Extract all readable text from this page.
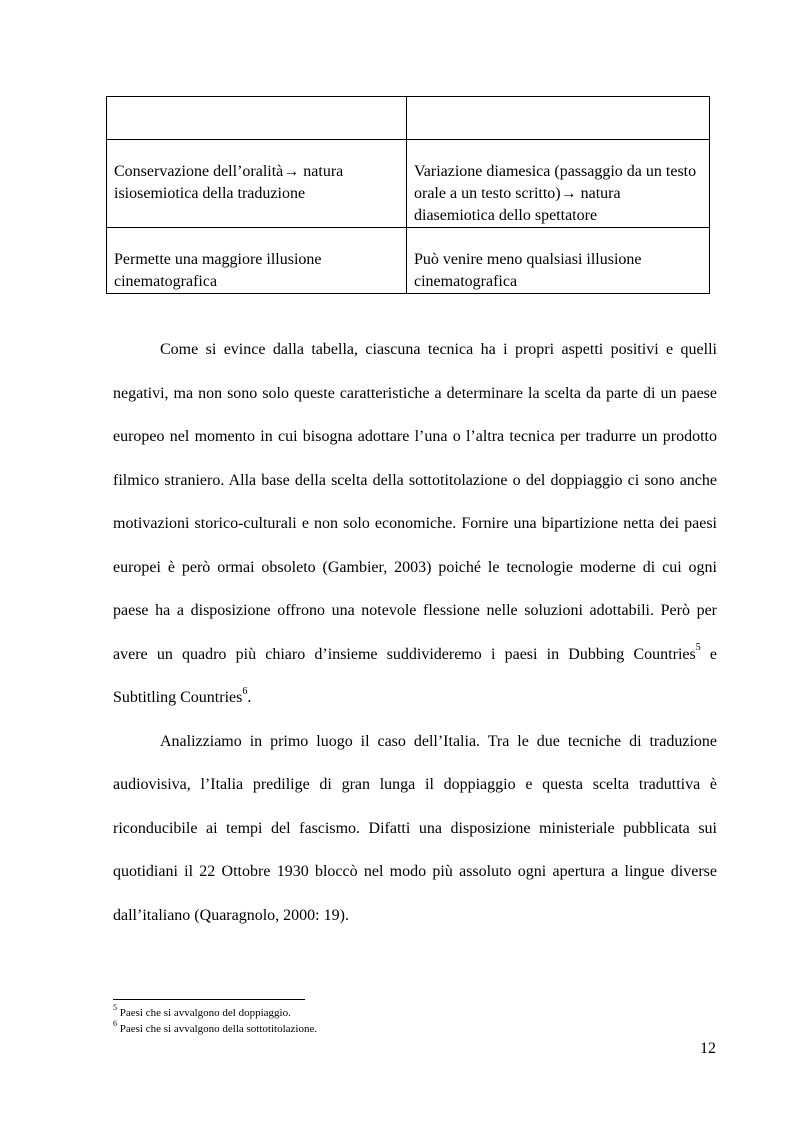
Conservazione dell’oralità→ natura isiosemiotica della traduzione	Variazione diamesica (passaggio da un testo orale a un testo scritto)→ natura diasemiotica dello spettatore
Permette una maggiore illusione cinematografica	Può venire meno qualsiasi illusione cinematografica

Come si evince dalla tabella, ciascuna tecnica ha i propri aspetti positivi e quelli negativi, ma non sono solo queste caratteristiche a determinare la scelta da parte di un paese europeo nel momento in cui bisogna adottare l’una o l’altra tecnica per tradurre un prodotto filmico straniero. Alla base della scelta della sottotitolazione o del doppiaggio ci sono anche motivazioni storico-culturali e non solo economiche. Fornire una bipartizione netta dei paesi europei è però ormai obsoleto (Gambier, 2003) poiché le tecnologie moderne di cui ogni paese ha a disposizione offrono una notevole flessione nelle soluzioni adottabili. Però per avere un quadro più chiaro d’insieme suddivideremo i paesi in Dubbing Countries$^5$ e Subtitling Countries$^6$.

Analizziamo in primo luogo il caso dell’Italia. Tra le due tecniche di traduzione audiovisiva, l’Italia predilige di gran lunga il doppiaggio e questa scelta traduttiva è riconducibile ai tempi del fascismo. Difatti una disposizione ministeriale pubblicata sui quotidiani il 22 Ottobre 1930 bloccò nel modo più assoluto ogni apertura a lingue diverse dall’italiano (Quaragnolo, 2000: 19).

$^5$ Paesi che si avvalgono del doppiaggio.
$^6$ Paesi che si avvalgono della sottotitolazione.
12
